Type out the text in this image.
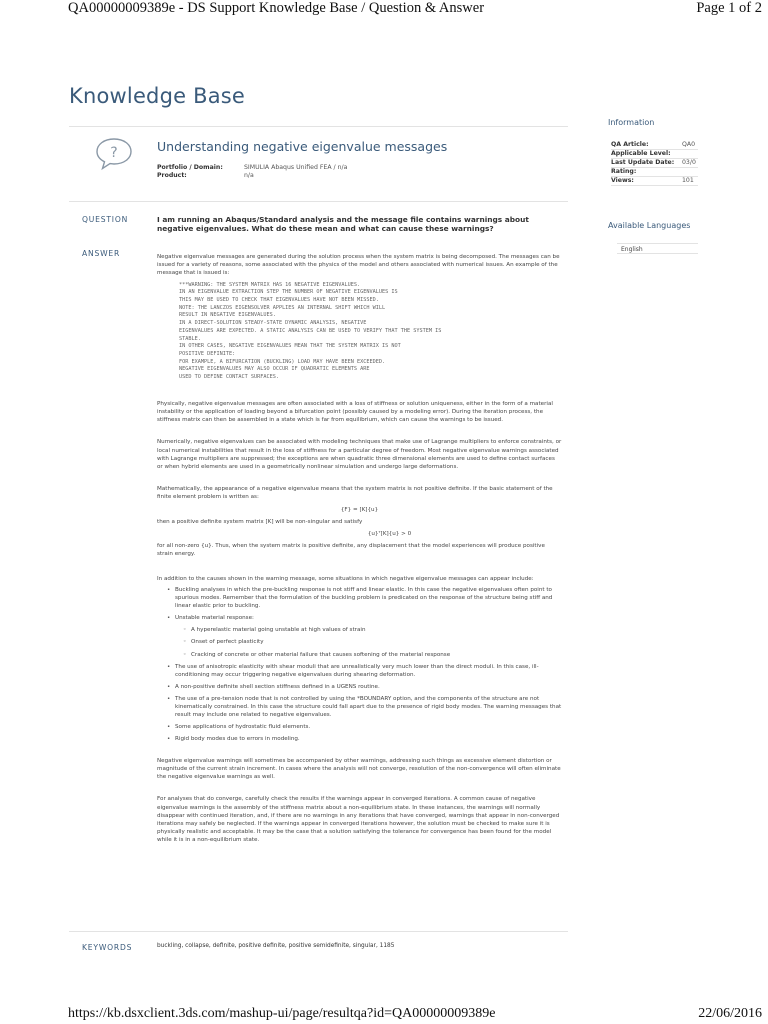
QA00000009389e - DS Support Knowledge Base / Question & Answer	Page 1 of 2
Knowledge Base
?	Understanding negative eigenvalue messages
Portfolio / Domain:	SIMULIA Abaqus Unified FEA / n/a
Product:	n/a
QUESTION	I am running an Abaqus/Standard analysis and the message file contains warnings about negative eigenvalues. What do these mean and what can cause these warnings?
ANSWER	Negative eigenvalue messages are generated during the solution process when the system matrix is being decomposed. The messages can be issued for a variety of reasons, some associated with the physics of the model and others associated with numerical issues. An example of the message that is issued is:

***WARNING: THE SYSTEM MATRIX HAS 16 NEGATIVE EIGENVALUES.
IN AN EIGENVALUE EXTRACTION STEP THE NUMBER OF NEGATIVE EIGENVALUES IS
THIS MAY BE USED TO CHECK THAT EIGENVALUES HAVE NOT BEEN MISSED.
NOTE: THE LANCZOS EIGENSOLVER APPLIES AN INTERNAL SHIFT WHICH WILL
RESULT IN NEGATIVE EIGENVALUES.
IN A DIRECT-SOLUTION STEADY-STATE DYNAMIC ANALYSIS, NEGATIVE
EIGENVALUES ARE EXPECTED. A STATIC ANALYSIS CAN BE USED TO VERIFY THAT THE SYSTEM IS
STABLE.
IN OTHER CASES, NEGATIVE EIGENVALUES MEAN THAT THE SYSTEM MATRIX IS NOT
POSITIVE DEFINITE:
FOR EXAMPLE, A BIFURCATION (BUCKLING) LOAD MAY HAVE BEEN EXCEEDED.
NEGATIVE EIGENVALUES MAY ALSO OCCUR IF QUADRATIC ELEMENTS ARE
USED TO DEFINE CONTACT SURFACES.

Physically, negative eigenvalue messages are often associated with a loss of stiffness or solution uniqueness, either in the form of a material instability or the application of loading beyond a bifurcation point (possibly caused by a modeling error). During the iteration process, the stiffness matrix can then be assembled in a state which is far from equilibrium, which can cause the warnings to be issued.

Numerically, negative eigenvalues can be associated with modeling techniques that make use of Lagrange multipliers to enforce constraints, or local numerical instabilities that result in the loss of stiffness for a particular degree of freedom. Most negative eigenvalue warnings associated with Lagrange multipliers are suppressed; the exceptions are when quadratic three dimensional elements are used to define contact surfaces or when hybrid elements are used in a geometrically nonlinear simulation and undergo large deformations.

Mathematically, the appearance of a negative eigenvalue means that the system matrix is not positive definite. If the basic statement of the finite element problem is written as:

{F} = [K]{u}

then a positive definite system matrix [K] will be non-singular and satisfy

{u}ᵀ[K]{u} > 0

for all non-zero {u}. Thus, when the system matrix is positive definite, any displacement that the model experiences will produce positive strain energy.

In addition to the causes shown in the warning message, some situations in which negative eigenvalue messages can appear include:

• Buckling analyses in which the pre-buckling response is not stiff and linear elastic. In this case the negative eigenvalues often point to spurious modes. Remember that the formulation of the buckling problem is predicated on the response of the structure being stiff and linear elastic prior to buckling.
• Unstable material response:
◦ A hyperelastic material going unstable at high values of strain
◦ Onset of perfect plasticity
◦ Cracking of concrete or other material failure that causes softening of the material response
• The use of anisotropic elasticity with shear moduli that are unrealistically very much lower than the direct moduli. In this case, ill-conditioning may occur triggering negative eigenvalues during shearing deformation.
• A non-positive definite shell section stiffness defined in a UGENS routine.
• The use of a pre-tension node that is not controlled by using the *BOUNDARY option, and the components of the structure are not kinematically constrained. In this case the structure could fall apart due to the presence of rigid body modes. The warning messages that result may include one related to negative eigenvalues.
• Some applications of hydrostatic fluid elements.
• Rigid body modes due to errors in modeling.

Negative eigenvalue warnings will sometimes be accompanied by other warnings, addressing such things as excessive element distortion or magnitude of the current strain increment. In cases where the analysis will not converge, resolution of the non-convergence will often eliminate the negative eigenvalue warnings as well.

For analyses that do converge, carefully check the results if the warnings appear in converged iterations. A common cause of negative eigenvalue warnings is the assembly of the stiffness matrix about a non-equilibrium state. In these instances, the warnings will normally disappear with continued iteration, and, if there are no warnings in any iterations that have converged, warnings that appear in non-converged iterations may safely be neglected. If the warnings appear in converged iterations however, the solution must be checked to make sure it is physically realistic and acceptable. It may be the case that a solution satisfying the tolerance for convergence has been found for the model while it is in a non-equilibrium state.

KEYWORDS	buckling, collapse, definite, positive definite, positive semidefinite, singular, 1185
Information
QA Article:	QA0
Applicable Level:
Last Update Date:	03/0
Rating:
Views:	101
Available Languages
English
https://kb.dsxclient.3ds.com/mashup-ui/page/resultqa?id=QA00000009389e	22/06/2016
